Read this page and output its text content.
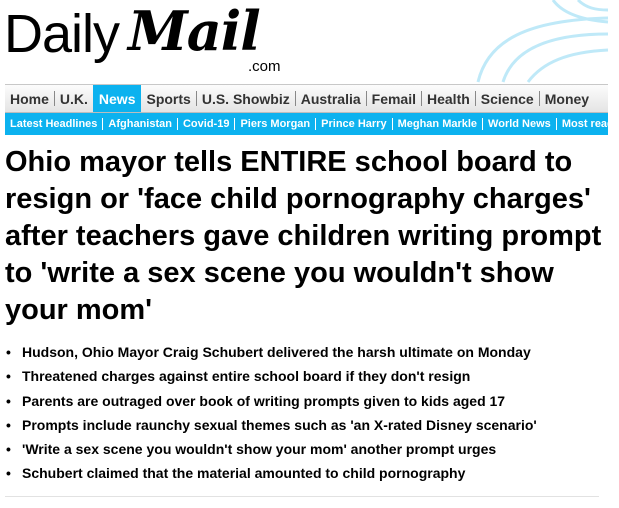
Daily Mail
.com
Home U.K. News Sports U.S. Showbiz Australia Femail Health Science Money
Latest Headlines	Afghanistan	Covid-19	Piers Morgan	Prince Harry	Meghan Markle	World News	Most read
Ohio mayor tells ENTIRE school board to resign or 'face child pornography charges' after teachers gave children writing prompt to 'write a sex scene you wouldn't show your mom'
• Hudson, Ohio Mayor Craig Schubert delivered the harsh ultimate on Monday
• Threatened charges against entire school board if they don't resign
• Parents are outraged over book of writing prompts given to kids aged 17
• Prompts include raunchy sexual themes such as 'an X-rated Disney scenario'
• 'Write a sex scene you wouldn't show your mom' another prompt urges
• Schubert claimed that the material amounted to child pornography
